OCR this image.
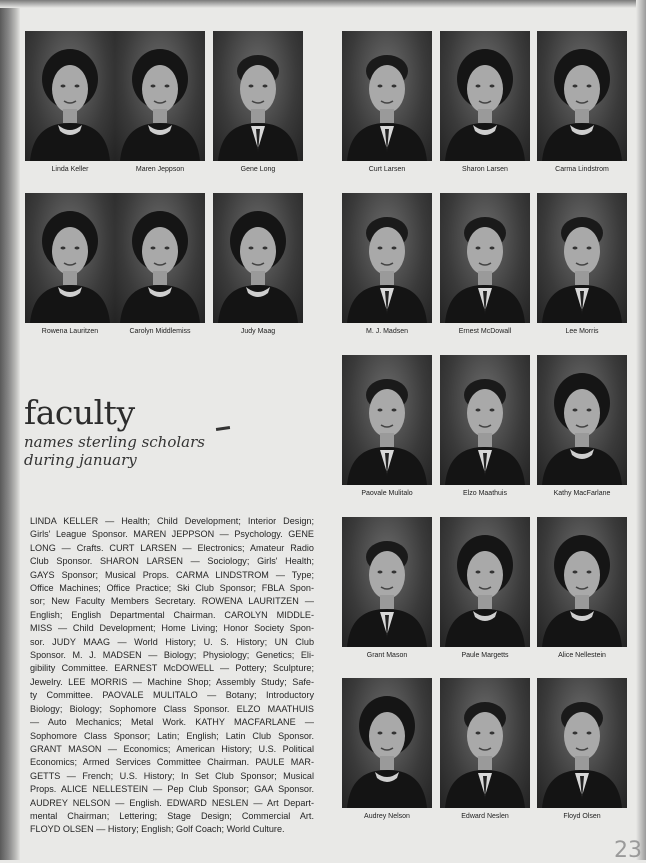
Linda Keller	Maren Jeppson	Gene Long	Curt Larsen	Sharon Larsen	Carma Lindstrom
Rowena Lauritzen	Carolyn Middlemiss	Judy Maag	M. J. Madsen	Ernest McDowall	Lee Morris
Paovale Mulitalo	Elzo Maathuis	Kathy MacFarlane
Grant Mason	Paule Margetts	Alice Nellestein
Audrey Nelson	Edward Neslen	Floyd Olsen
faculty
names sterling scholars
during january
LINDA KELLER — Health; Child Development; Interior Design;
Girls' League Sponsor. MAREN JEPPSON — Psychology. GENE
LONG — Crafts. CURT LARSEN — Electronics; Amateur Radio
Club Sponsor. SHARON LARSEN — Sociology; Girls' Health;
GAYS Sponsor; Musical Props. CARMA LINDSTROM — Type;
Office Machines; Office Practice; Ski Club Sponsor; FBLA Spon-
sor; New Faculty Members Secretary. ROWENA LAURITZEN —
English; English Departmental Chairman. CAROLYN MIDDLE-
MISS — Child Development; Home Living; Honor Society Spon-
sor. JUDY MAAG — World History; U. S. History; UN Club
Sponsor. M. J. MADSEN — Biology; Physiology; Genetics; Eli-
gibility Committee. EARNEST McDOWELL — Pottery; Sculpture;
Jewelry. LEE MORRIS — Machine Shop; Assembly Study; Safe-
ty Committee. PAOVALE MULITALO — Botany; Introductory
Biology; Biology; Sophomore Class Sponsor. ELZO MAATHUIS
— Auto Mechanics; Metal Work. KATHY MACFARLANE —
Sophomore Class Sponsor; Latin; English; Latin Club Sponsor.
GRANT MASON — Economics; American History; U.S. Political
Economics; Armed Services Committee Chairman. PAULE MAR-
GETTS — French; U.S. History; In Set Club Sponsor; Musical
Props. ALICE NELLESTEIN — Pep Club Sponsor; GAA Sponsor.
AUDREY NELSON — English. EDWARD NESLEN — Art Depart-
mental Chairman; Lettering; Stage Design; Commercial Art.
FLOYD OLSEN — History; English; Golf Coach; World Culture.
23
